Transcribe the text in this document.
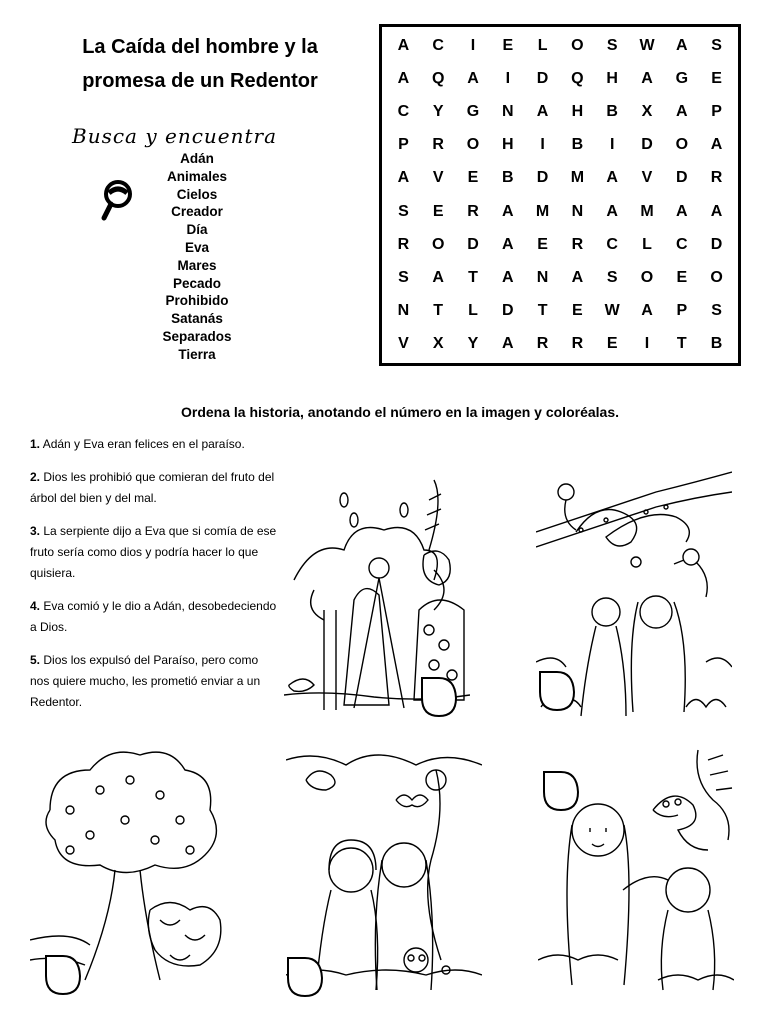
La Caída del hombre y la promesa de un Redentor
Busca y encuentra
Adán
Animales
Cielos
Creador
Día
Eva
Mares
Pecado
Prohibido
Satanás
Separados
Tierra
A	C	I	E	L	O	S	W	A	S
A	Q	A	I	D	Q	H	A	G	E
C	Y	G	N	A	H	B	X	A	P
P	R	O	H	I	B	I	D	O	A
A	V	E	B	D	M	A	V	D	R
S	E	R	A	M	N	A	M	A	A
R	O	D	A	E	R	C	L	C	D
S	A	T	A	N	A	S	O	E	O
N	T	L	D	T	E	W	A	P	S
V	X	Y	A	R	R	E	I	T	B
Ordena la historia, anotando el número en la imagen y coloréalas.
1. Adán y Eva eran felices en el paraíso.
2. Dios les prohibió que comieran del fruto del árbol del bien y del mal.
3. La serpiente dijo a Eva que si comía de ese fruto sería como dios y podría hacer lo que quisiera.
4. Eva comió y le dio a Adán, desobedeciendo a Dios.
5. Dios los expulsó del Paraíso, pero como nos quiere mucho, les prometió enviar a un Redentor.
